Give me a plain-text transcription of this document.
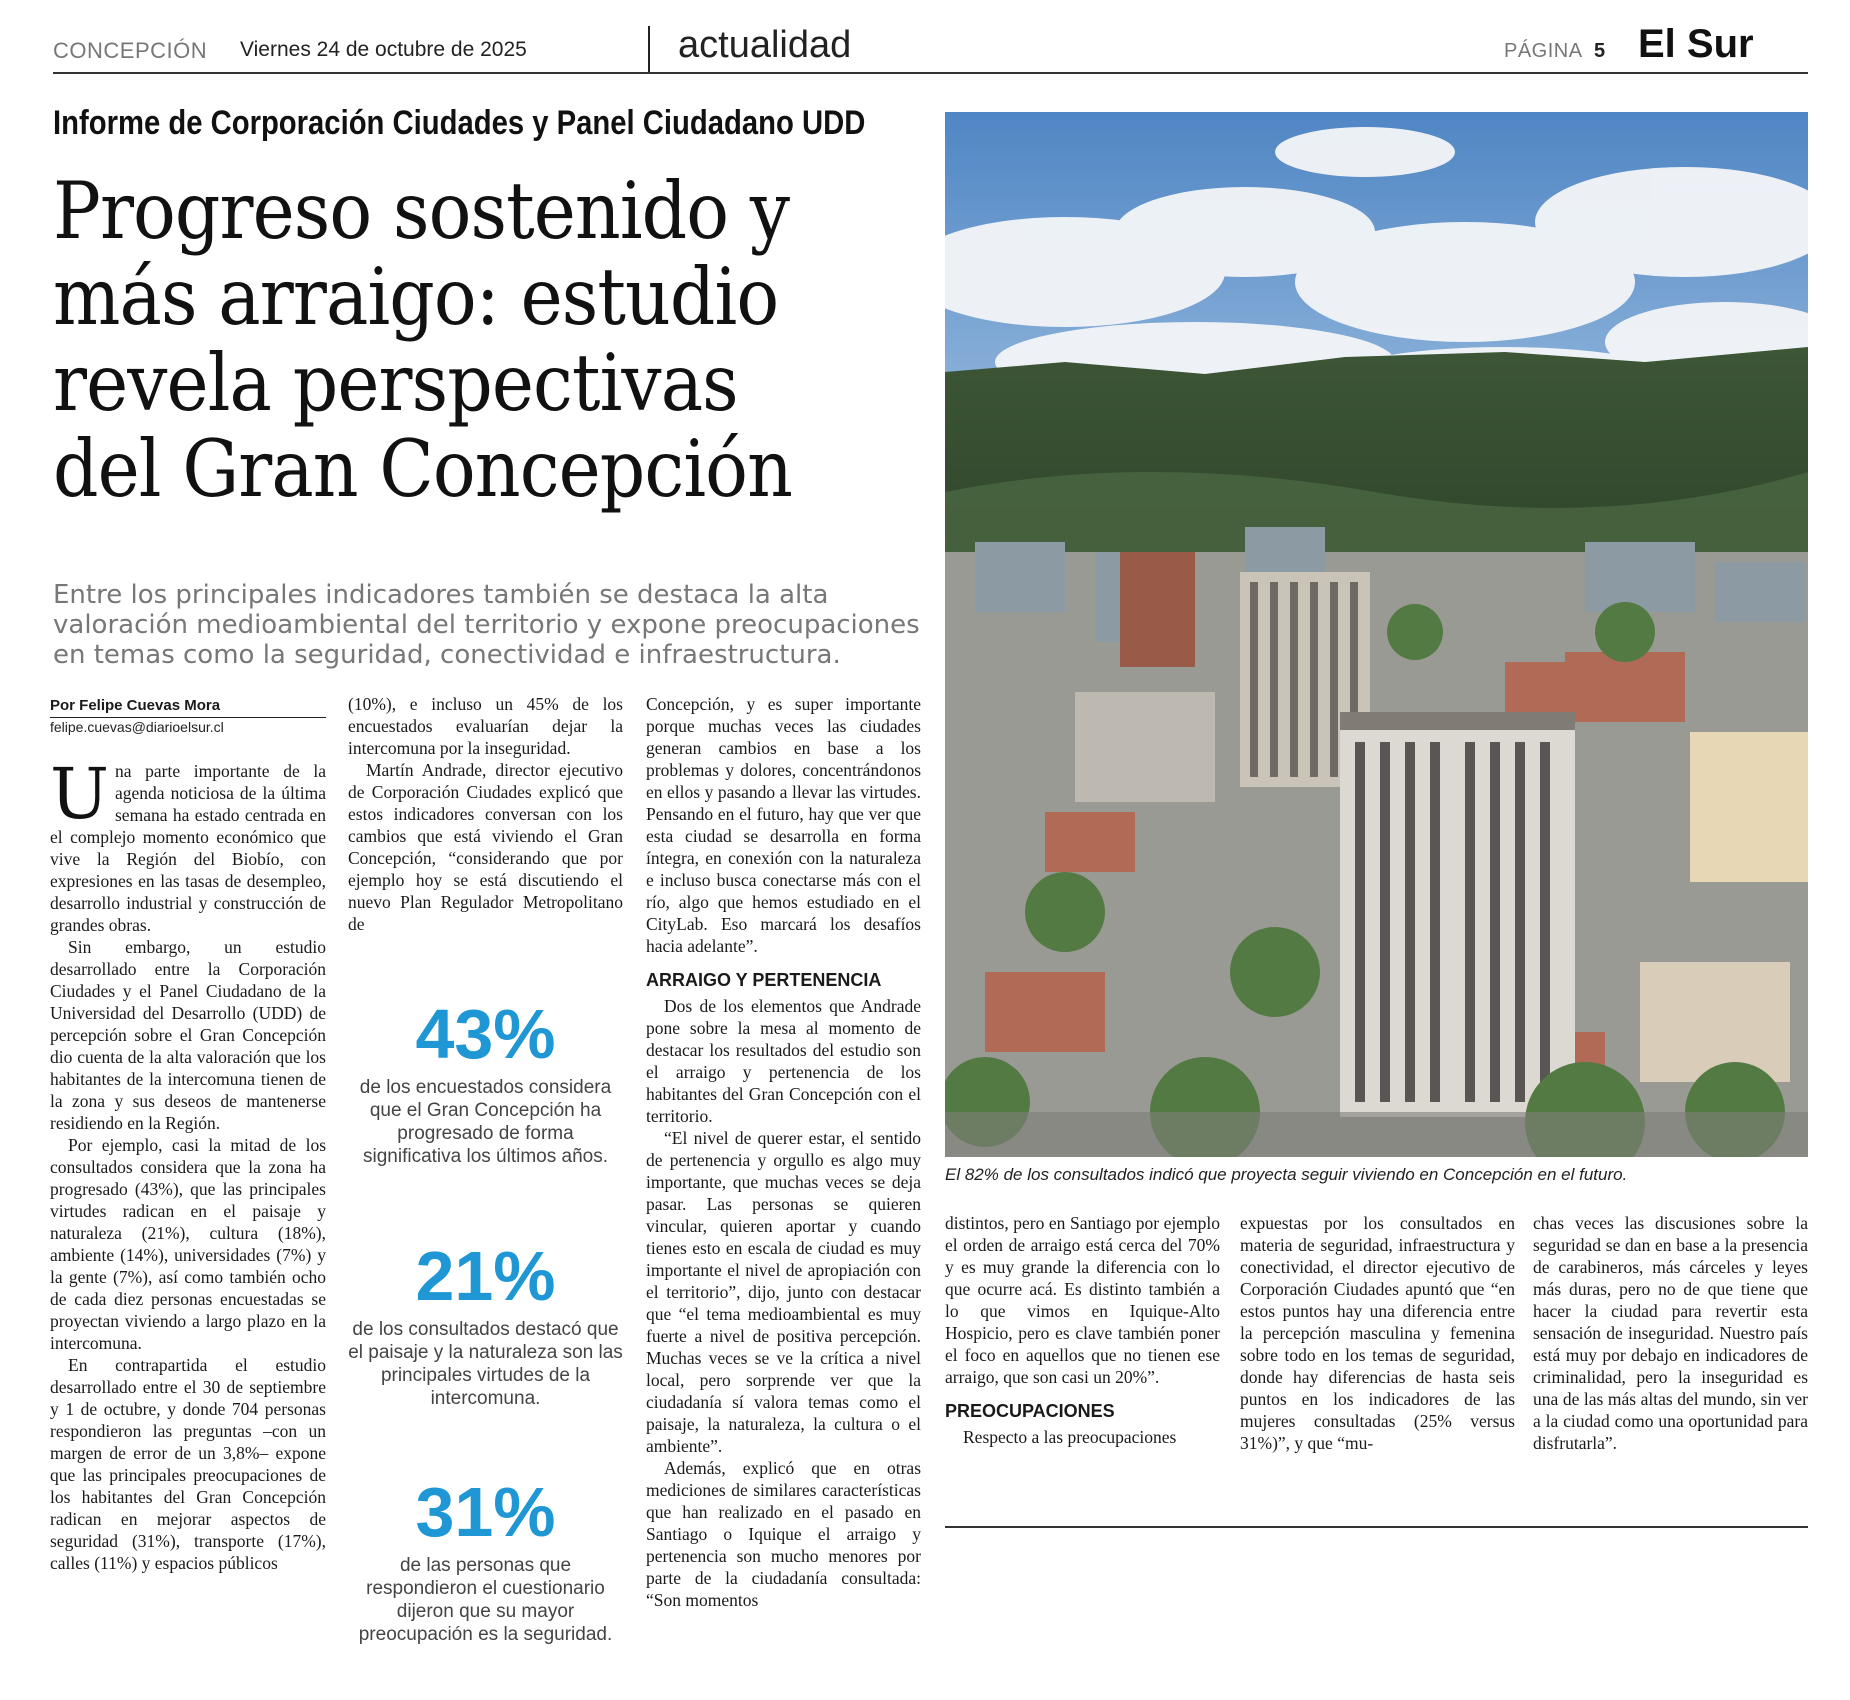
CONCEPCIÓN Viernes 24 de octubre de 2025	actualidad	PÁGINA 5 El Sur
Informe de Corporación Ciudades y Panel Ciudadano UDD
Progreso sostenido y más arraigo: estudio revela perspectivas del Gran Concepción
Entre los principales indicadores también se destaca la alta valoración medioambiental del territorio y expone preocupaciones en temas como la seguridad, conectividad e infraestructura.
Por Felipe Cuevas Mora
felipe.cuevas@diarioelsur.cl

Una parte importante de la agenda noticiosa de la última semana ha estado centrada en el complejo momento económico que vive la Región del Biobío, con expresiones en las tasas de desempleo, desarrollo industrial y construcción de grandes obras.

Sin embargo, un estudio desarrollado entre la Corporación Ciudades y el Panel Ciudadano de la Universidad del Desarrollo (UDD) de percepción sobre el Gran Concepción dio cuenta de la alta valoración que los habitantes de la intercomuna tienen de la zona y sus deseos de mantenerse residiendo en la Región.

Por ejemplo, casi la mitad de los consultados considera que la zona ha progresado (43%), que las principales virtudes radican en el paisaje y naturaleza (21%), cultura (18%), ambiente (14%), universidades (7%) y la gente (7%), así como también ocho de cada diez personas encuestadas se proyectan viviendo a largo plazo en la intercomuna.

En contrapartida el estudio desarrollado entre el 30 de septiembre y 1 de octubre, y donde 704 personas respondieron las preguntas –con un margen de error de un 3,8%– expone que las principales preocupaciones de los habitantes del Gran Concepción radican en mejorar aspectos de seguridad (31%), transporte (17%), calles (11%) y espacios públicos

(10%), e incluso un 45% de los encuestados evaluarían dejar la intercomuna por la inseguridad.

Martín Andrade, director ejecutivo de Corporación Ciudades explicó que estos indicadores conversan con los cambios que está viviendo el Gran Concepción, “considerando que por ejemplo hoy se está discutiendo el nuevo Plan Regulador Metropolitano de

43%
de los encuestados considera que el Gran Concepción ha progresado de forma significativa los últimos años.
21%
de los consultados destacó que el paisaje y la naturaleza son las principales virtudes de la intercomuna.
31%
de las personas que respondieron el cuestionario dijeron que su mayor preocupación es la seguridad.

Concepción, y es super importante porque muchas veces las ciudades generan cambios en base a los problemas y dolores, concentrándonos en ellos y pasando a llevar las virtudes. Pensando en el futuro, hay que ver que esta ciudad se desarrolla en forma íntegra, en conexión con la naturaleza e incluso busca conectarse más con el río, algo que hemos estudiado en el CityLab. Eso marcará los desafíos hacia adelante”.

ARRAIGO Y PERTENENCIA

Dos de los elementos que Andrade pone sobre la mesa al momento de destacar los resultados del estudio son el arraigo y pertenencia de los habitantes del Gran Concepción con el territorio.

“El nivel de querer estar, el sentido de pertenencia y orgullo es algo muy importante, que muchas veces se deja pasar. Las personas se quieren vincular, quieren aportar y cuando tienes esto en escala de ciudad es muy importante el nivel de apropiación con el territorio”, dijo, junto con destacar que “el tema medioambiental es muy fuerte a nivel de positiva percepción. Muchas veces se ve la crítica a nivel local, pero sorprende ver que la ciudadanía sí valora temas como el paisaje, la naturaleza, la cultura o el ambiente”.

Además, explicó que en otras mediciones de similares características que han realizado en el pasado en Santiago o Iquique el arraigo y pertenencia son mucho menores por parte de la ciudadanía consultada: “Son momentos

El 82% de los consultados indicó que proyecta seguir viviendo en Concepción en el futuro.

distintos, pero en Santiago por ejemplo el orden de arraigo está cerca del 70% y es muy grande la diferencia con lo que ocurre acá. Es distinto también a lo que vimos en Iquique-Alto Hospicio, pero es clave también poner el foco en aquellos que no tienen ese arraigo, que son casi un 20%”.

PREOCUPACIONES

Respecto a las preocupaciones

expuestas por los consultados en materia de seguridad, infraestructura y conectividad, el director ejecutivo de Corporación Ciudades apuntó que “en estos puntos hay una diferencia entre la percepción masculina y femenina sobre todo en los temas de seguridad, donde hay diferencias de hasta seis puntos en los indicadores de las mujeres consultadas (25% versus 31%)”, y que “mu-

chas veces las discusiones sobre la seguridad se dan en base a la presencia de carabineros, más cárceles y leyes más duras, pero no de que tiene que hacer la ciudad para revertir esta sensación de inseguridad. Nuestro país está muy por debajo en indicadores de criminalidad, pero la inseguridad es una de las más altas del mundo, sin ver a la ciudad como una oportunidad para disfrutarla”.
